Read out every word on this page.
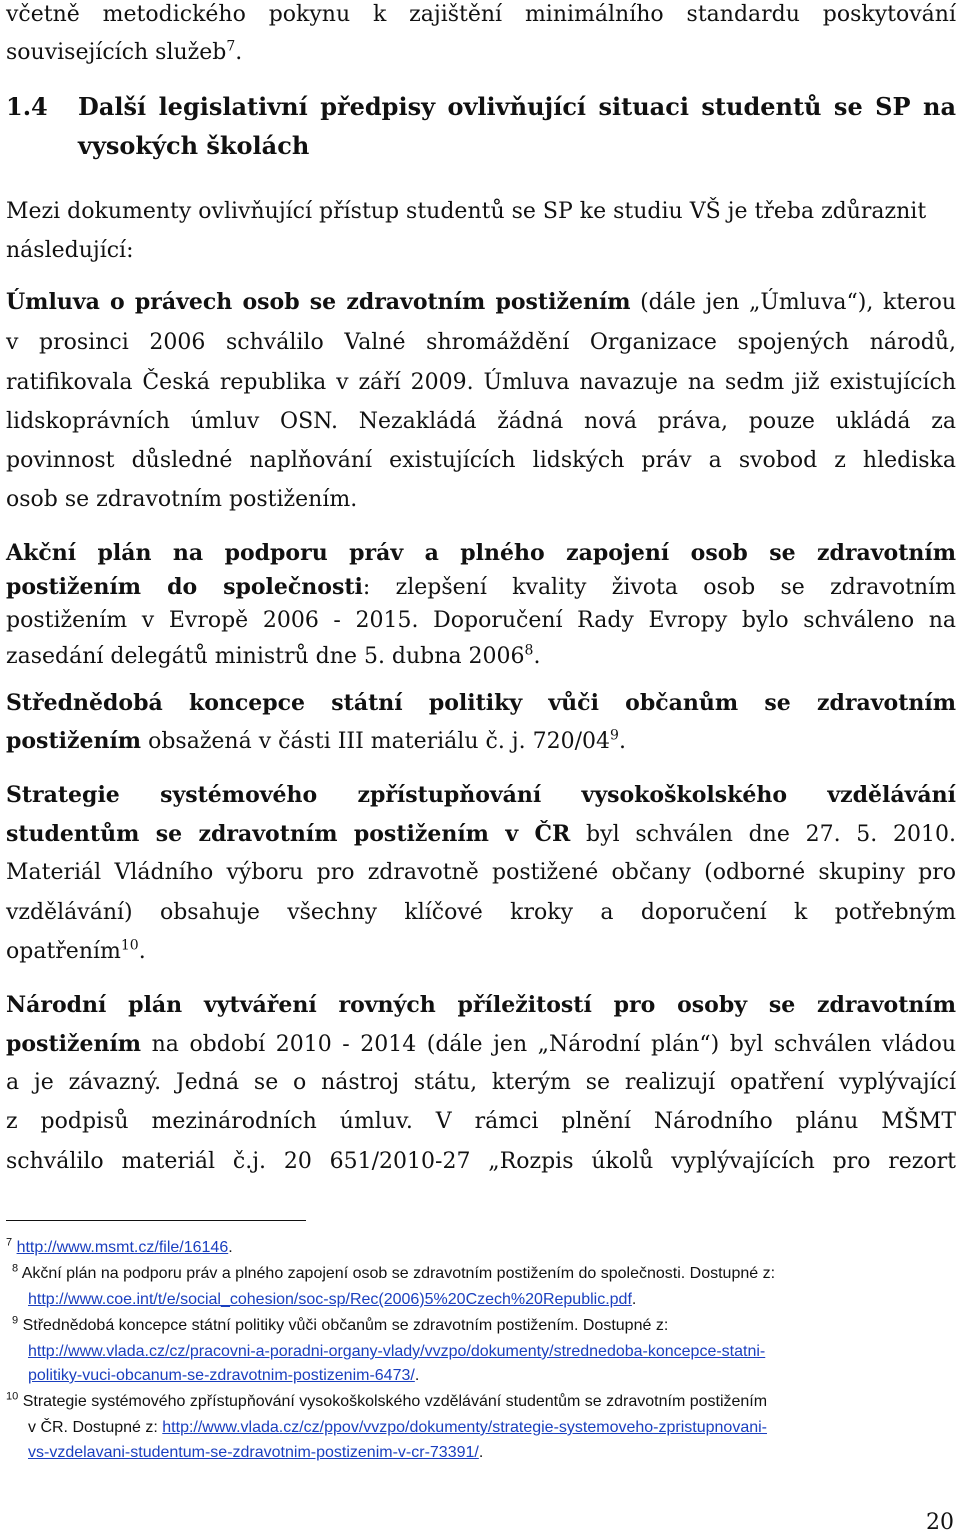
včetně metodického pokynu k zajištění minimálního standardu poskytování
souvisejících služeb$^7$.
1.4 Další legislativní předpisy ovlivňující situaci studentů se SP na
vysokých školách
Mezi dokumenty ovlivňující přístup studentů se SP ke studiu VŠ je třeba zdůraznit
následující:
Úmluva o právech osob se zdravotním postižením (dále jen „Úmluva“), kterou
v prosinci 2006 schválilo Valné shromáždění Organizace spojených národů,
ratifikovala Česká republika v září 2009. Úmluva navazuje na sedm již existujících
lidskoprávních úmluv OSN. Nezakládá žádná nová práva, pouze ukládá za
povinnost důsledné naplňování existujících lidských práv a svobod z hlediska
osob se zdravotním postižením.
Akční plán na podporu práv a plného zapojení osob se zdravotním
postižením do společnosti: zlepšení kvality života osob se zdravotním
postižením v Evropě 2006 - 2015. Doporučení Rady Evropy bylo schváleno na
zasedání delegátů ministrů dne 5. dubna 2006$^8$.
Střednědobá koncepce státní politiky vůči občanům se zdravotním
postižením obsažená v části III materiálu č. j. $720/04^9$.
Strategie systémového zpřístupňování vysokoškolského vzdělávání
studentům se zdravotním postižením v ČR byl schválen dne 27. 5. 2010.
Materiál Vládního výboru pro zdravotně postižené občany (odborné skupiny pro
vzdělávání) obsahuje všechny klíčové kroky a doporučení k potřebným
opatřením$^{10}$.
Národní plán vytváření rovných příležitostí pro osoby se zdravotním
postižením na období 2010 - 2014 (dále jen „Národní plán“) byl schválen vládou
a je závazný. Jedná se o nástroj státu, kterým se realizují opatření vyplývající
z podpisů mezinárodních úmluv. V rámci plnění Národního plánu MŠMT
schválilo materiál č.j. 20 651/2010-27 „Rozpis úkolů vyplývajících pro rezort
$^7$ http://www.msmt.cz/file/16146.
$^8$ Akční plán na podporu práv a plného zapojení osob se zdravotním postižením do společnosti. Dostupné z:
http://www.coe.int/t/e/social_cohesion/soc-sp/Rec(2006)5%20Czech%20Republic.pdf.
$^9$ Střednědobá koncepce státní politiky vůči občanům se zdravotním postižením. Dostupné z:
http://www.vlada.cz/cz/pracovni-a-poradni-organy-vlady/vvzpo/dokumenty/strednedoba-koncepce-statni-
politiky-vuci-obcanum-se-zdravotnim-postizenim-6473/.
$^{10}$ Strategie systémového zpřístupňování vysokoškolského vzdělávání studentům se zdravotním postižením
v ČR. Dostupné z: http://www.vlada.cz/cz/ppov/vvzpo/dokumenty/strategie-systemoveho-zpristupnovani-
vs-vzdelavani-studentum-se-zdravotnim-postizenim-v-cr-73391/.
20
